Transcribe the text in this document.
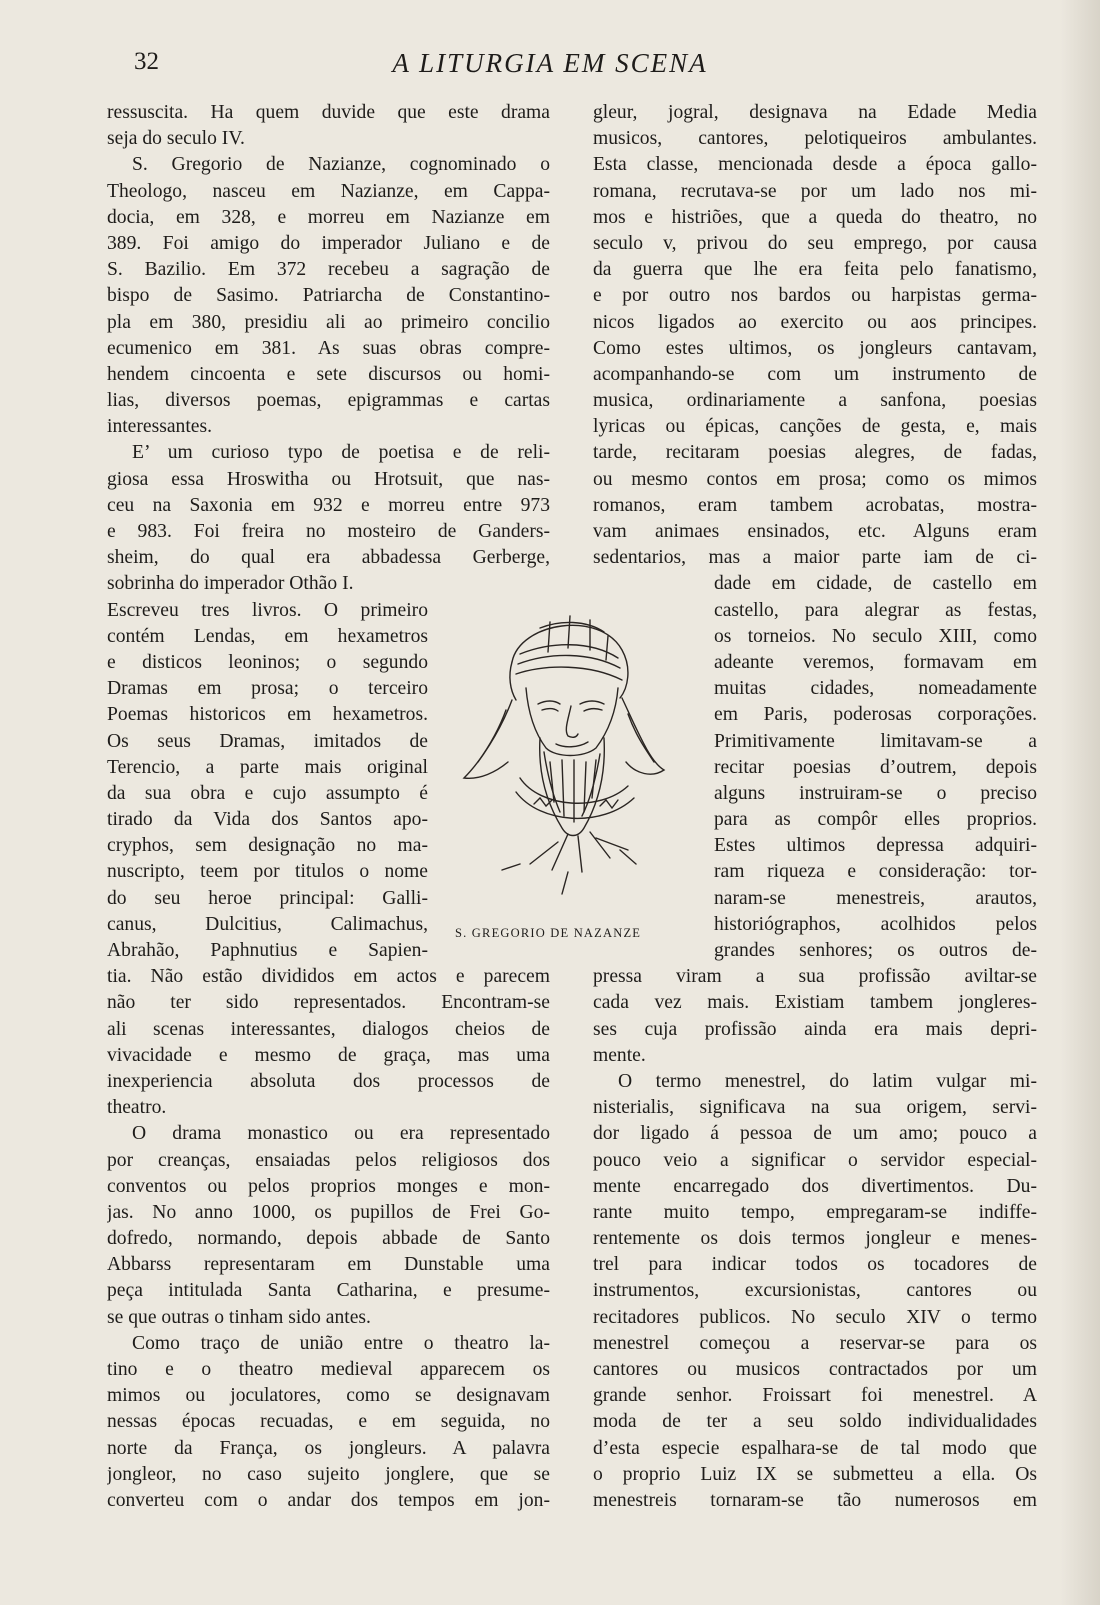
32	A LITURGIA EM SCENA
ressuscita. Ha quem duvide que este drama
seja do seculo IV.
S. Gregorio de Nazianze, cognominado o
Theologo, nasceu em Nazianze, em Cappa-
docia, em 328, e morreu em Nazianze em
389. Foi amigo do imperador Juliano e de
S. Bazilio. Em 372 recebeu a sagração de
bispo de Sasimo. Patriarcha de Constantino-
pla em 380, presidiu ali ao primeiro concilio
ecumenico em 381. As suas obras compre-
hendem cincoenta e sete discursos ou homi-
lias, diversos poemas, epigrammas e cartas
interessantes.
E’ um curioso typo de poetisa e de reli-
giosa essa Hroswitha ou Hrotsuit, que nas-
ceu na Saxonia em 932 e morreu entre 973
e 983. Foi freira no mosteiro de Ganders-
sheim, do qual era abbadessa Gerberge,
sobrinha do imperador Othão I.
Escreveu tres livros. O primeiro
contém Lendas, em hexametros
e disticos leoninos; o segundo
Dramas em prosa; o terceiro
Poemas historicos em hexametros.
Os seus Dramas, imitados de
Terencio, a parte mais original
da sua obra e cujo assumpto é
tirado da Vida dos Santos apo-
cryphos, sem designação no ma-
nuscripto, teem por titulos o nome
do seu heroe principal: Galli-
canus, Dulcitius, Calimachus,
Abrahão, Paphnutius e Sapien-
tia. Não estão divididos em actos e parecem
não ter sido representados. Encontram-se
ali scenas interessantes, dialogos cheios de
vivacidade e mesmo de graça, mas uma
inexperiencia absoluta dos processos de
theatro.
O drama monastico ou era representado
por creanças, ensaiadas pelos religiosos dos
conventos ou pelos proprios monges e mon-
jas. No anno 1000, os pupillos de Frei Go-
dofredo, normando, depois abbade de Santo
Abbarss representaram em Dunstable uma
peça intitulada Santa Catharina, e presume-
se que outras o tinham sido antes.
Como traço de união entre o theatro la-
tino e o theatro medieval apparecem os
mimos ou joculatores, como se designavam
nessas épocas recuadas, e em seguida, no
norte da França, os jongleurs. A palavra
jongleor, no caso sujeito jonglere, que se
converteu com o andar dos tempos em jon-
gleur, jogral, designava na Edade Media
musicos, cantores, pelotiqueiros ambulantes.
Esta classe, mencionada desde a época gallo-
romana, recrutava-se por um lado nos mi-
mos e histriões, que a queda do theatro, no
seculo v, privou do seu emprego, por causa
da guerra que lhe era feita pelo fanatismo,
e por outro nos bardos ou harpistas germa-
nicos ligados ao exercito ou aos principes.
Como estes ultimos, os jongleurs cantavam,
acompanhando-se com um instrumento de
musica, ordinariamente a sanfona, poesias
lyricas ou épicas, canções de gesta, e, mais
tarde, recitaram poesias alegres, de fadas,
ou mesmo contos em prosa; como os mimos
romanos, eram tambem acrobatas, mostra-
vam animaes ensinados, etc. Alguns eram
sedentarios, mas a maior parte iam de ci-
dade em cidade, de castello em
castello, para alegrar as festas,
os torneios. No seculo XIII, como
adeante veremos, formavam em
muitas cidades, nomeadamente
em Paris, poderosas corporações.
Primitivamente limitavam-se a
recitar poesias d’outrem, depois
alguns instruiram-se o preciso
para as compôr elles proprios.
Estes ultimos depressa adquiri-
ram riqueza e consideração: tor-
naram-se menestreis, arautos,
historiógraphos, acolhidos pelos
grandes senhores; os outros de-
pressa viram a sua profissão aviltar-se
cada vez mais. Existiam tambem jongleres-
ses cuja profissão ainda era mais depri-
mente.
O termo menestrel, do latim vulgar mi-
nisterialis, significava na sua origem, servi-
dor ligado á pessoa de um amo; pouco a
pouco veio a significar o servidor especial-
mente encarregado dos divertimentos. Du-
rante muito tempo, empregaram-se indiffe-
rentemente os dois termos jongleur e menes-
trel para indicar todos os tocadores de
instrumentos, excursionistas, cantores ou
recitadores publicos. No seculo XIV o termo
menestrel começou a reservar-se para os
cantores ou musicos contractados por um
grande senhor. Froissart foi menestrel. A
moda de ter a seu soldo individualidades
d’esta especie espalhara-se de tal modo que
o proprio Luiz IX se submetteu a ella. Os
menestreis tornaram-se tão numerosos em
S. GREGORIO DE NAZANZE
